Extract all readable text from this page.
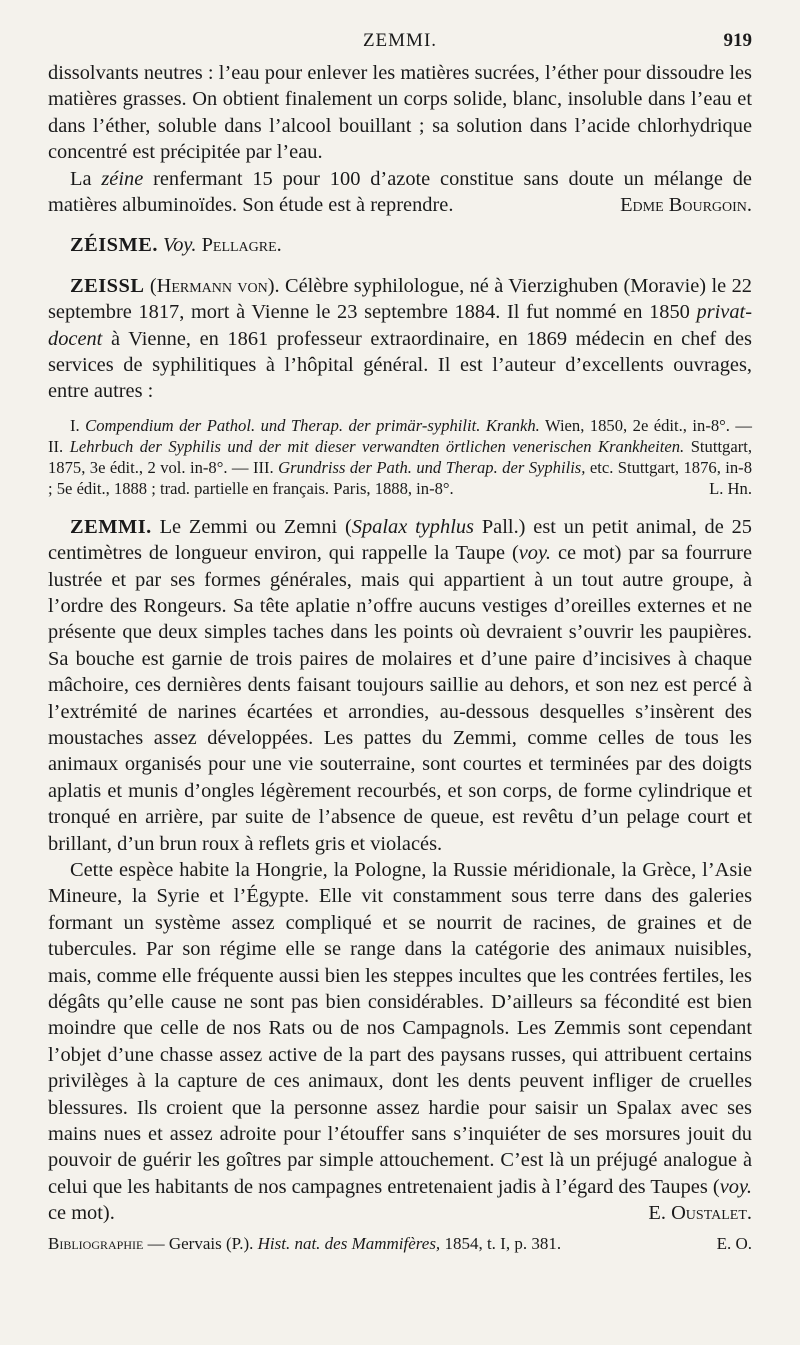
ZEMMI.	919

dissolvants neutres : l’eau pour enlever les matières sucrées, l’éther pour dissoudre les matières grasses. On obtient finalement un corps solide, blanc, insoluble dans l’eau et dans l’éther, soluble dans l’alcool bouillant ; sa solution dans l’acide chlorhydrique concentré est précipitée par l’eau.

La zéine renfermant 15 pour 100 d’azote constitue sans doute un mélange de matières albuminoïdes. Son étude est à reprendre.	Edme Bourgoin.

ZÉISME. Voy. Pellagre.

ZEISSL (Hermann von). Célèbre syphilologue, né à Vierzighuben (Moravie) le 22 septembre 1817, mort à Vienne le 23 septembre 1884. Il fut nommé en 1850 privat-docent à Vienne, en 1861 professeur extraordinaire, en 1869 médecin en chef des services de syphilitiques à l’hôpital général. Il est l’auteur d’excellents ouvrages, entre autres :

I. Compendium der Pathol. und Therap. der primär-syphilit. Krankh. Wien, 1850, 2e édit., in-8°. — II. Lehrbuch der Syphilis und der mit dieser verwandten örtlichen venerischen Krankheiten. Stuttgart, 1875, 3e édit., 2 vol. in-8°. — III. Grundriss der Path. und Therap. der Syphilis, etc. Stuttgart, 1876, in-8 ; 5e édit., 1888 ; trad. partielle en français. Paris, 1888, in-8°.	L. Hn.

ZEMMI. Le Zemmi ou Zemni (Spalax typhlus Pall.) est un petit animal, de 25 centimètres de longueur environ, qui rappelle la Taupe (voy. ce mot) par sa fourrure lustrée et par ses formes générales, mais qui appartient à un tout autre groupe, à l’ordre des Rongeurs. Sa tête aplatie n’offre aucuns vestiges d’oreilles externes et ne présente que deux simples taches dans les points où devraient s’ouvrir les paupières. Sa bouche est garnie de trois paires de molaires et d’une paire d’incisives à chaque mâchoire, ces dernières dents faisant toujours saillie au dehors, et son nez est percé à l’extrémité de narines écartées et arrondies, au-dessous desquelles s’insèrent des moustaches assez développées. Les pattes du Zemmi, comme celles de tous les animaux organisés pour une vie souterraine, sont courtes et terminées par des doigts aplatis et munis d’ongles légèrement recourbés, et son corps, de forme cylindrique et tronqué en arrière, par suite de l’absence de queue, est revêtu d’un pelage court et brillant, d’un brun roux à reflets gris et violacés.

Cette espèce habite la Hongrie, la Pologne, la Russie méridionale, la Grèce, l’Asie Mineure, la Syrie et l’Égypte. Elle vit constamment sous terre dans des galeries formant un système assez compliqué et se nourrit de racines, de graines et de tubercules. Par son régime elle se range dans la catégorie des animaux nuisibles, mais, comme elle fréquente aussi bien les steppes incultes que les contrées fertiles, les dégâts qu’elle cause ne sont pas bien considérables. D’ailleurs sa fécondité est bien moindre que celle de nos Rats ou de nos Campagnols. Les Zemmis sont cependant l’objet d’une chasse assez active de la part des paysans russes, qui attribuent certains privilèges à la capture de ces animaux, dont les dents peuvent infliger de cruelles blessures. Ils croient que la personne assez hardie pour saisir un Spalax avec ses mains nues et assez adroite pour l’étouffer sans s’inquiéter de ses morsures jouit du pouvoir de guérir les goîtres par simple attouchement. C’est là un préjugé analogue à celui que les habitants de nos campagnes entretenaient jadis à l’égard des Taupes (voy. ce mot).	E. Oustalet.

Bibliographie — Gervais (P.). Hist. nat. des Mammifères, 1854, t. I, p. 381.	E. O.
